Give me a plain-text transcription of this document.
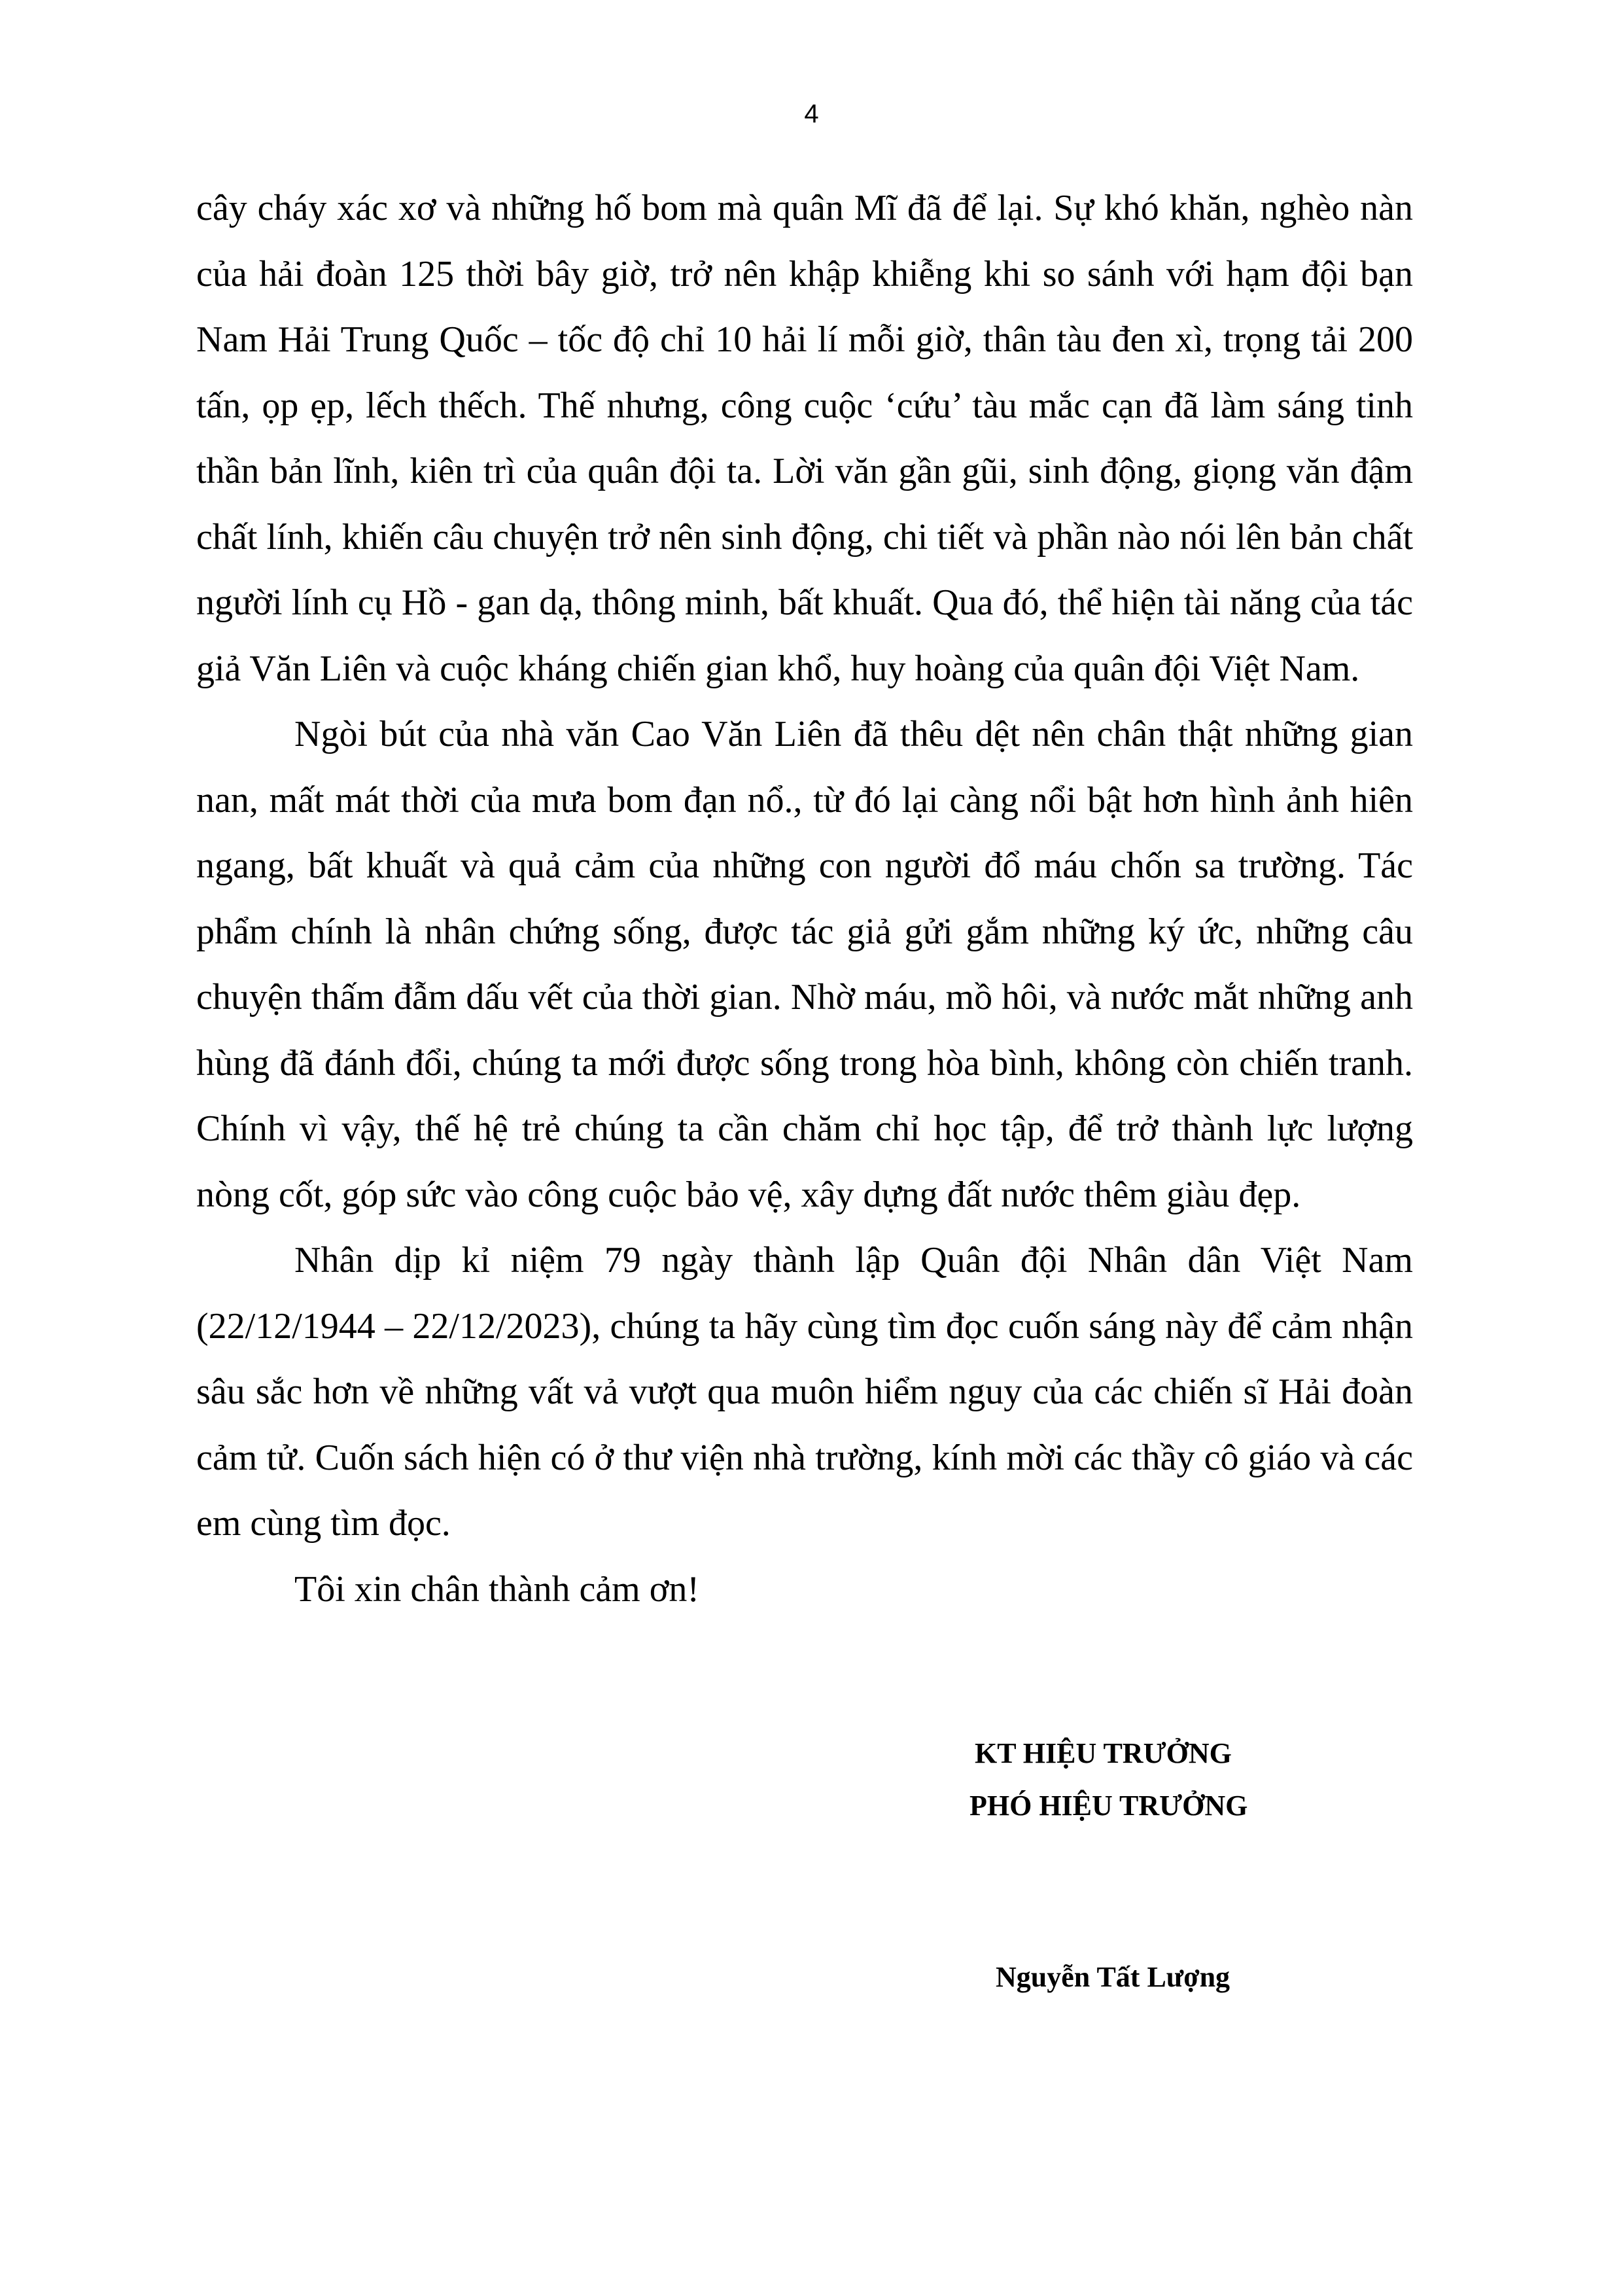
4

cây cháy xác xơ và những hố bom mà quân Mĩ đã để lại. Sự khó khăn, nghèo nàn của hải đoàn 125 thời bây giờ, trở nên khập khiễng khi so sánh với hạm đội bạn Nam Hải Trung Quốc – tốc độ chỉ 10 hải lí mỗi giờ, thân tàu đen xì, trọng tải 200 tấn, ọp ẹp, lếch thếch. Thế nhưng, công cuộc ‘cứu’ tàu mắc cạn đã làm sáng tinh thần bản lĩnh, kiên trì của quân đội ta. Lời văn gần gũi, sinh động, giọng văn đậm chất lính, khiến câu chuyện trở nên sinh động, chi tiết và phần nào nói lên bản chất người lính cụ Hồ - gan dạ, thông minh, bất khuất. Qua đó, thể hiện tài năng của tác giả Văn Liên và cuộc kháng chiến gian khổ, huy hoàng của quân đội Việt Nam.

Ngòi bút của nhà văn Cao Văn Liên đã thêu dệt nên chân thật những gian nan, mất mát thời của mưa bom đạn nổ., từ đó lại càng nổi bật hơn hình ảnh hiên ngang, bất khuất và quả cảm của những con người đổ máu chốn sa trường. Tác phẩm chính là nhân chứng sống, được tác giả gửi gắm những ký ức, những câu chuyện thấm đẫm dấu vết của thời gian. Nhờ máu, mồ hôi, và nước mắt những anh hùng đã đánh đổi, chúng ta mới được sống trong hòa bình, không còn chiến tranh. Chính vì vậy, thế hệ trẻ chúng ta cần chăm chỉ học tập, để trở thành lực lượng nòng cốt, góp sức vào công cuộc bảo vệ, xây dựng đất nước thêm giàu đẹp.

Nhân dịp kỉ niệm 79 ngày thành lập Quân đội Nhân dân Việt Nam (22/12/1944 – 22/12/2023), chúng ta hãy cùng tìm đọc cuốn sáng này để cảm nhận sâu sắc hơn về những vất vả vượt qua muôn hiểm nguy của các chiến sĩ Hải đoàn cảm tử. Cuốn sách hiện có ở thư viện nhà trường, kính mời các thầy cô giáo và các em cùng tìm đọc.

Tôi xin chân thành cảm ơn!

KT HIỆU TRƯỞNG
PHÓ HIỆU TRƯỞNG
Nguyễn Tất Lượng
